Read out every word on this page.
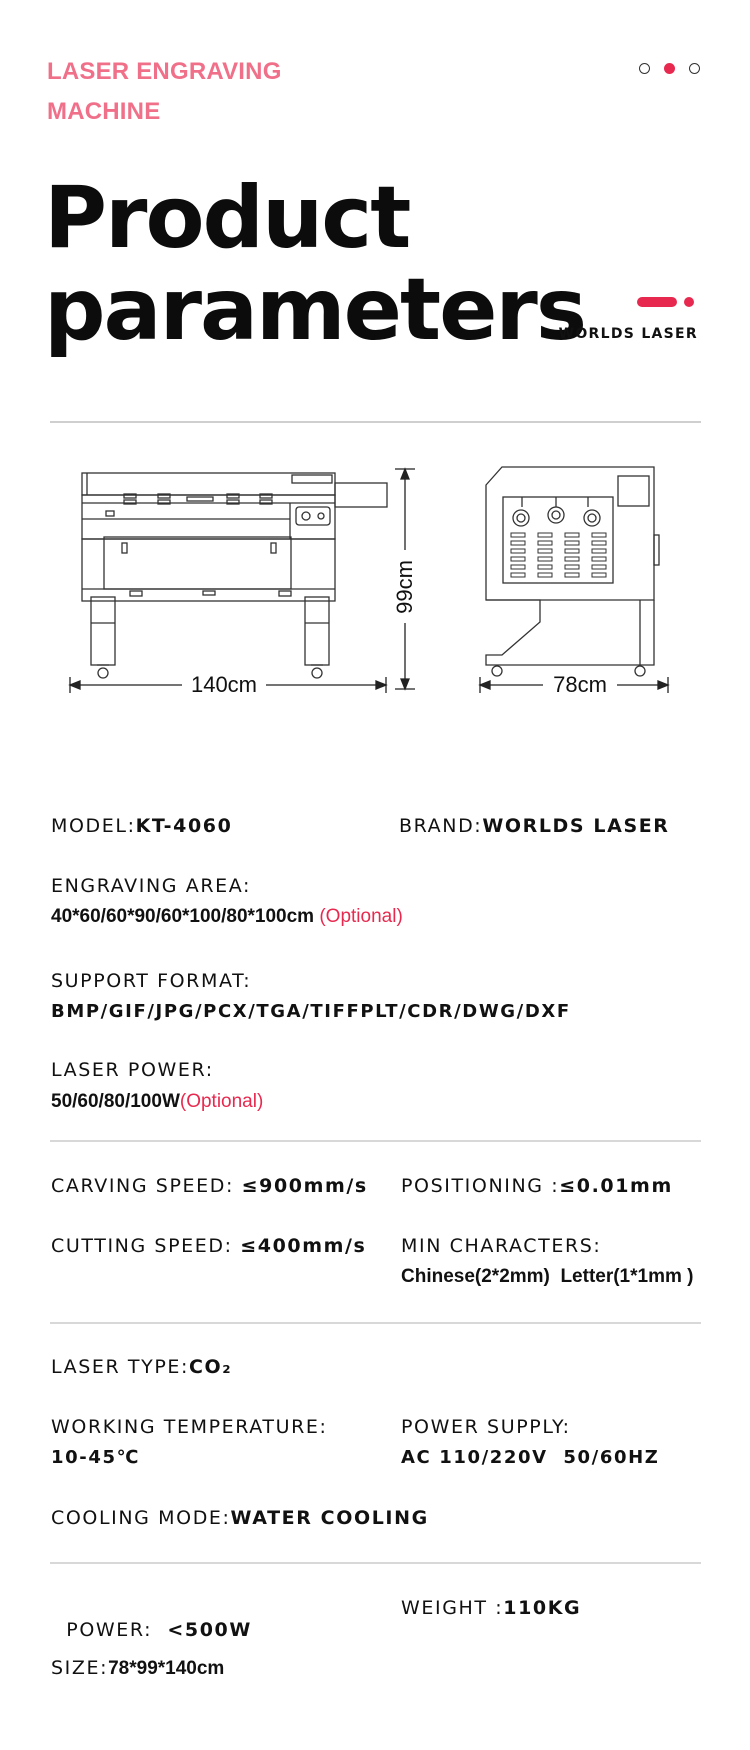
LASER ENGRAVING
MACHINE
Product
parameters
WORLDS LASER
140cm	78cm
99cm
MODEL:KT-4060	BRAND:WORLDS LASER
ENGRAVING AREA:
40*60/60*90/60*100/80*100cm (Optional)
SUPPORT FORMAT:
BMP/GIF/JPG/PCX/TGA/TIFFPLT/CDR/DWG/DXF
LASER POWER:
50/60/80/100W(Optional)
CARVING SPEED: ≤900mm/s POSITIONING :≤0.01mm
CUTTING SPEED: ≤400mm/s MIN CHARACTERS:
Chinese(2*2mm)  Letter(1*1mm )
LASER TYPE:CO₂
WORKING TEMPERATURE:
10-45℃
POWER SUPPLY:
AC 110/220V  50/60HZ
COOLING MODE:WATER COOLING

POWER:  <500W

WEIGHT :110KG
SIZE:78*99*140cm
